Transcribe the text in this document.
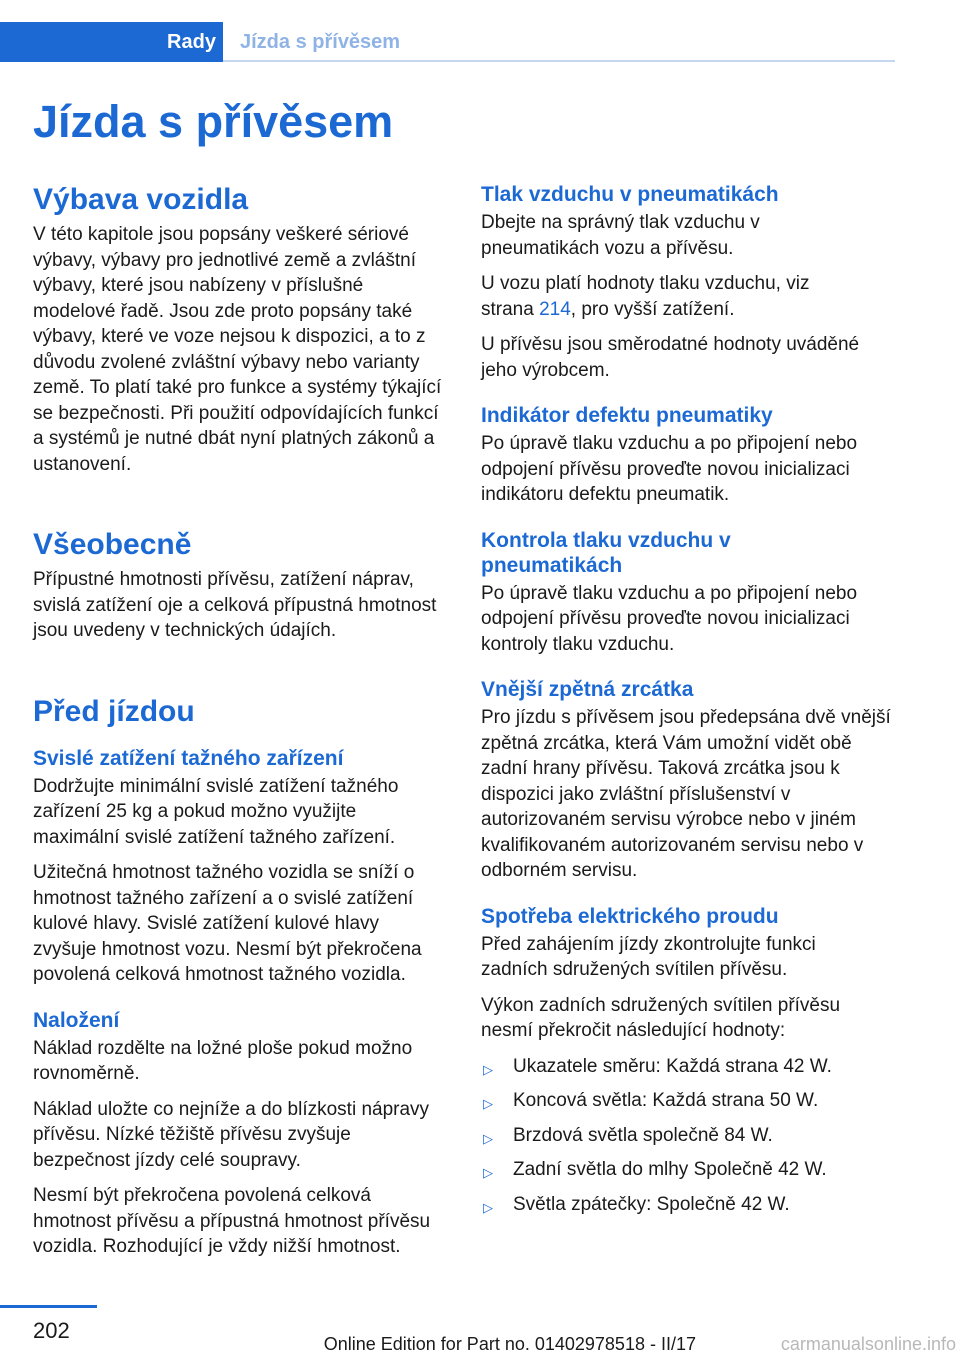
Rady	Jízda s přívěsem
Jízda s přívěsem
Výbava vozidla

V této kapitole jsou popsány veškeré sériové výbavy, výbavy pro jednotlivé země a zvláštní výbavy, které jsou nabízeny v příslušné modelové řadě. Jsou zde proto popsány také výbavy, které ve voze nejsou k dispozici, a to z důvodu zvolené zvláštní výbavy nebo varianty země. To platí také pro funkce a systémy týkající se bezpečnosti. Při použití odpovídajících funkcí a systémů je nutné dbát nyní platných zákonů a ustanovení.

Všeobecně

Přípustné hmotnosti přívěsu, zatížení náprav, svislá zatížení oje a celková přípustná hmotnost jsou uvedeny v technických údajích.

Před jízdou
Svislé zatížení tažného zařízení

Dodržujte minimální svislé zatížení tažného zařízení 25 kg a pokud možno využijte maximální svislé zatížení tažného zařízení.

Užitečná hmotnost tažného vozidla se sníží o hmotnost tažného zařízení a o svislé zatížení kulové hlavy. Svislé zatížení kulové hlavy zvyšuje hmotnost vozu. Nesmí být překročena povolená celková hmotnost tažného vozidla.

Naložení

Náklad rozdělte na ložné ploše pokud možno rovnoměrně.

Náklad uložte co nejníže a do blízkosti nápravy přívěsu. Nízké těžiště přívěsu zvyšuje bezpečnost jízdy celé soupravy.

Nesmí být překročena povolená celková hmotnost přívěsu a přípustná hmotnost přívěsu vozidla. Rozhodující je vždy nižší hmotnost.

Tlak vzduchu v pneumatikách

Dbejte na správný tlak vzduchu v pneumatikách vozu a přívěsu.

U vozu platí hodnoty tlaku vzduchu, viz strana 214, pro vyšší zatížení.

U přívěsu jsou směrodatné hodnoty uváděné jeho výrobcem.

Indikátor defektu pneumatiky

Po úpravě tlaku vzduchu a po připojení nebo odpojení přívěsu proveďte novou inicializaci indikátoru defektu pneumatik.

Kontrola tlaku vzduchu v pneumatikách

Po úpravě tlaku vzduchu a po připojení nebo odpojení přívěsu proveďte novou inicializaci kontroly tlaku vzduchu.

Vnější zpětná zrcátka

Pro jízdu s přívěsem jsou předepsána dvě vnější zpětná zrcátka, která Vám umožní vidět obě zadní hrany přívěsu. Taková zrcátka jsou k dispozici jako zvláštní příslušenství v autorizovaném servisu výrobce nebo v jiném kvalifikovaném autorizovaném servisu nebo v odborném servisu.

Spotřeba elektrického proudu

Před zahájením jízdy zkontrolujte funkci zadních sdružených svítilen přívěsu.

Výkon zadních sdružených svítilen přívěsu nesmí překročit následující hodnoty:

▷ Ukazatele směru: Každá strana 42 W.
▷ Koncová světla: Každá strana 50 W.
▷ Brzdová světla společně 84 W.
▷ Zadní světla do mlhy Společně 42 W.
▷ Světla zpátečky: Společně 42 W.
202
Online Edition for Part no. 01402978518 - II/17	carmanualsonline.info
